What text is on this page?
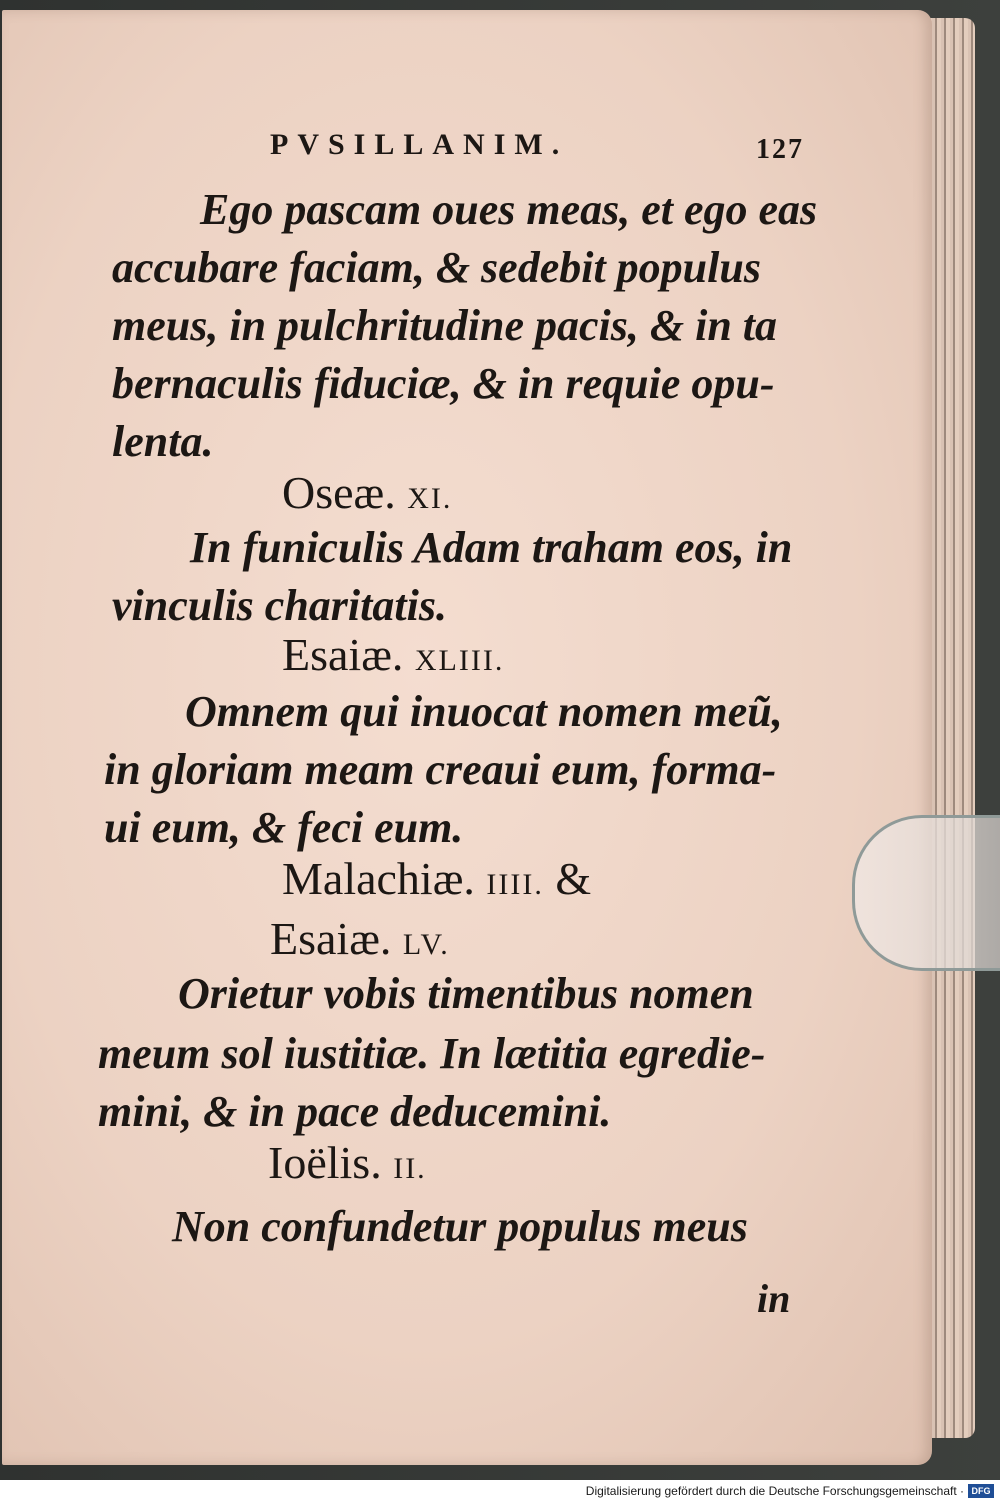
PVSILLANIM.	127
Ego pascam oues meas, et ego eas
accubare faciam, & sedebit populus
meus, in pulchritudine pacis, & in ta
bernaculis fiduciæ, & in requie opu-
lenta.
Oseæ. XI.
In funiculis Adam traham eos, in
vinculis charitatis.
Esaiæ. XLIII.
Omnem qui inuocat nomen meũ,
in gloriam meam creaui eum, forma-
ui eum, & feci eum.
Malachiæ. IIII. &
Esaiæ. LV.
Orietur vobis timentibus nomen
meum sol iustitiæ. In lætitia egredie-
mini, & in pace deducemini.
Ioëlis. II.
Non confundetur populus meus
in
Digitalisierung gefördert durch die Deutsche Forschungsgemeinschaft · DFG
